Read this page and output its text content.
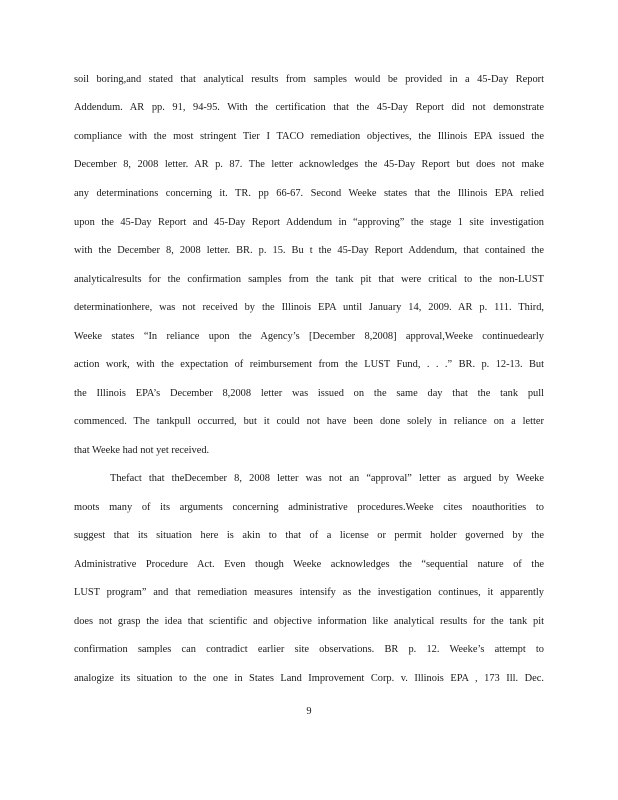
soil boring,and stated that analytical results from samples would be provided in a 45-Day Report
Addendum. AR pp. 91, 94-95. With the certification that the 45-Day Report did not demonstrate
compliance with the most stringent Tier I TACO remediation objectives, the Illinois EPA issued the
December 8, 2008 letter. AR p. 87. The letter acknowledges the 45-Day Report but does not make
any determinations concerning it. TR. pp 66-67. Second Weeke states that the Illinois EPA relied
upon the 45-Day Report and 45-Day Report Addendum in “approving” the stage 1 site investigation
with the December 8, 2008 letter. BR. p. 15. Bu t the 45-Day Report Addendum, that contained the
analyticalresults for the confirmation samples from the tank pit that were critical to the non-LUST
determinationhere, was not received by the Illinois EPA until January 14, 2009. AR p. 111. Third,
Weeke states “In reliance upon the Agency’s [December 8,2008] approval,Weeke continuedearly
action work, with the expectation of reimbursement from the LUST Fund, . . .” BR. p. 12-13. But
the Illinois EPA’s December 8,2008 letter was issued on the same day that the tank pull
commenced. The tankpull occurred, but it could not have been done solely in reliance on a letter
that Weeke had not yet received.
Thefact that theDecember 8, 2008 letter was not an “approval” letter as argued by Weeke
moots many of its arguments concerning administrative procedures.Weeke cites noauthorities to
suggest that its situation here is akin to that of a license or permit holder governed by the
Administrative Procedure Act. Even though Weeke acknowledges the “sequential nature of the
LUST program” and that remediation measures intensify as the investigation continues, it apparently
does not grasp the idea that scientific and objective information like analytical results for the tank pit
confirmation samples can contradict earlier site observations. BR p. 12. Weeke’s attempt to
analogize its situation to the one in States Land Improvement Corp. v. Illinois EPA , 173 Ill. Dec.
9
